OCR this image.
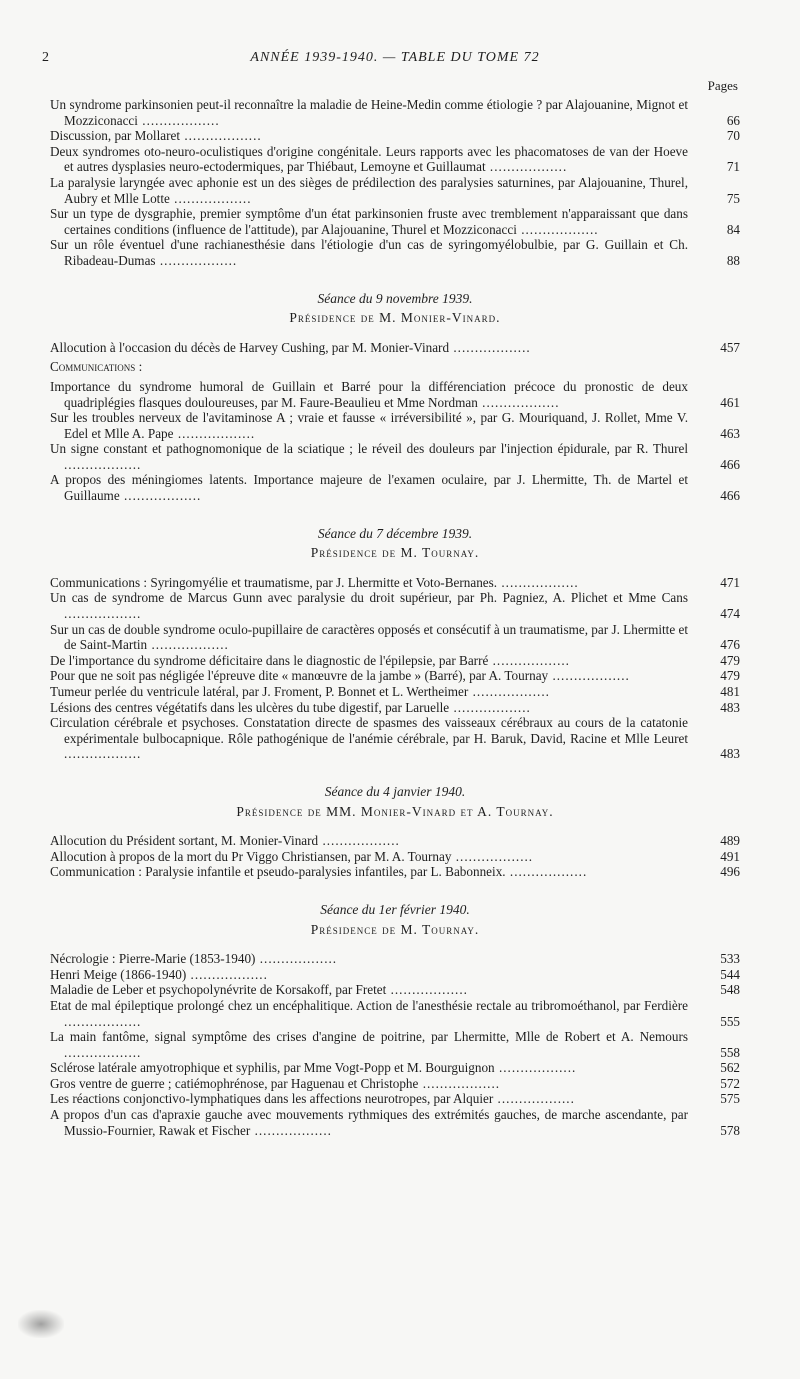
2	ANNÉE 1939-1940. — TABLE DU TOME 72
Pages
Un syndrome parkinsonien peut-il reconnaître la maladie de Heine-Medin comme étiologie ? par Alajouanine, Mignot et Mozziconacci ..................	66
Discussion, par Mollaret ..................	70
Deux syndromes oto-neuro-oculistiques d'origine congénitale. Leurs rapports avec les phacomatoses de van der Hoeve et autres dysplasies neuro-ectodermiques, par Thiébaut, Lemoyne et Guillaumat ..................	71
La paralysie laryngée avec aphonie est un des sièges de prédilection des paralysies saturnines, par Alajouanine, Thurel, Aubry et Mlle Lotte ..................	75
Sur un type de dysgraphie, premier symptôme d'un état parkinsonien fruste avec tremblement n'apparaissant que dans certaines conditions (influence de l'attitude), par Alajouanine, Thurel et Mozziconacci ..................	84
Sur un rôle éventuel d'une rachianesthésie dans l'étiologie d'un cas de syringomyélobulbie, par G. Guillain et Ch. Ribadeau-Dumas ..................	88
Séance du 9 novembre 1939.
Présidence de M. Monier-Vinard.
Allocution à l'occasion du décès de Harvey Cushing, par M. Monier-Vinard ..................	457
Communications :
Importance du syndrome humoral de Guillain et Barré pour la différenciation précoce du pronostic de deux quadriplégies flasques douloureuses, par M. Faure-Beaulieu et Mme Nordman ..................	461
Sur les troubles nerveux de l'avitaminose A ; vraie et fausse « irréversibilité », par G. Mouriquand, J. Rollet, Mme V. Edel et Mlle A. Pape ..................	463
Un signe constant et pathognomonique de la sciatique ; le réveil des douleurs par l'injection épidurale, par R. Thurel ..................	466
A propos des méningiomes latents. Importance majeure de l'examen oculaire, par J. Lhermitte, Th. de Martel et Guillaume ..................	466
Séance du 7 décembre 1939.
Présidence de M. Tournay.
Communications : Syringomyélie et traumatisme, par J. Lhermitte et Voto-Bernanes. ..................	471
Un cas de syndrome de Marcus Gunn avec paralysie du droit supérieur, par Ph. Pagniez, A. Plichet et Mme Cans ..................	474
Sur un cas de double syndrome oculo-pupillaire de caractères opposés et consécutif à un traumatisme, par J. Lhermitte et de Saint-Martin ..................	476
De l'importance du syndrome déficitaire dans le diagnostic de l'épilepsie, par Barré ..................	479
Pour que ne soit pas négligée l'épreuve dite « manœuvre de la jambe » (Barré), par A. Tournay ..................	479
Tumeur perlée du ventricule latéral, par J. Froment, P. Bonnet et L. Wertheimer ..................	481
Lésions des centres végétatifs dans les ulcères du tube digestif, par Laruelle ..................	483
Circulation cérébrale et psychoses. Constatation directe de spasmes des vaisseaux cérébraux au cours de la catatonie expérimentale bulbocapnique. Rôle pathogénique de l'anémie cérébrale, par H. Baruk, David, Racine et Mlle Leuret ..................	483
Séance du 4 janvier 1940.
Présidence de MM. Monier-Vinard et A. Tournay.
Allocution du Président sortant, M. Monier-Vinard ..................	489
Allocution à propos de la mort du Pr Viggo Christiansen, par M. A. Tournay ..................	491
Communication : Paralysie infantile et pseudo-paralysies infantiles, par L. Babonneix. ..................	496
Séance du 1er février 1940.
Présidence de M. Tournay.
Nécrologie : Pierre-Marie (1853-1940) ..................	533
Henri Meige (1866-1940) ..................	544
Maladie de Leber et psychopolynévrite de Korsakoff, par Fretet ..................	548
Etat de mal épileptique prolongé chez un encéphalitique. Action de l'anesthésie rectale au tribromoéthanol, par Ferdière ..................	555
La main fantôme, signal symptôme des crises d'angine de poitrine, par Lhermitte, Mlle de Robert et A. Nemours ..................	558
Sclérose latérale amyotrophique et syphilis, par Mme Vogt-Popp et M. Bourguignon ..................	562
Gros ventre de guerre ; catiémophrénose, par Haguenau et Christophe ..................	572
Les réactions conjonctivo-lymphatiques dans les affections neurotropes, par Alquier ..................	575
A propos d'un cas d'apraxie gauche avec mouvements rythmiques des extrémités gauches, de marche ascendante, par Mussio-Fournier, Rawak et Fischer ..................	578
